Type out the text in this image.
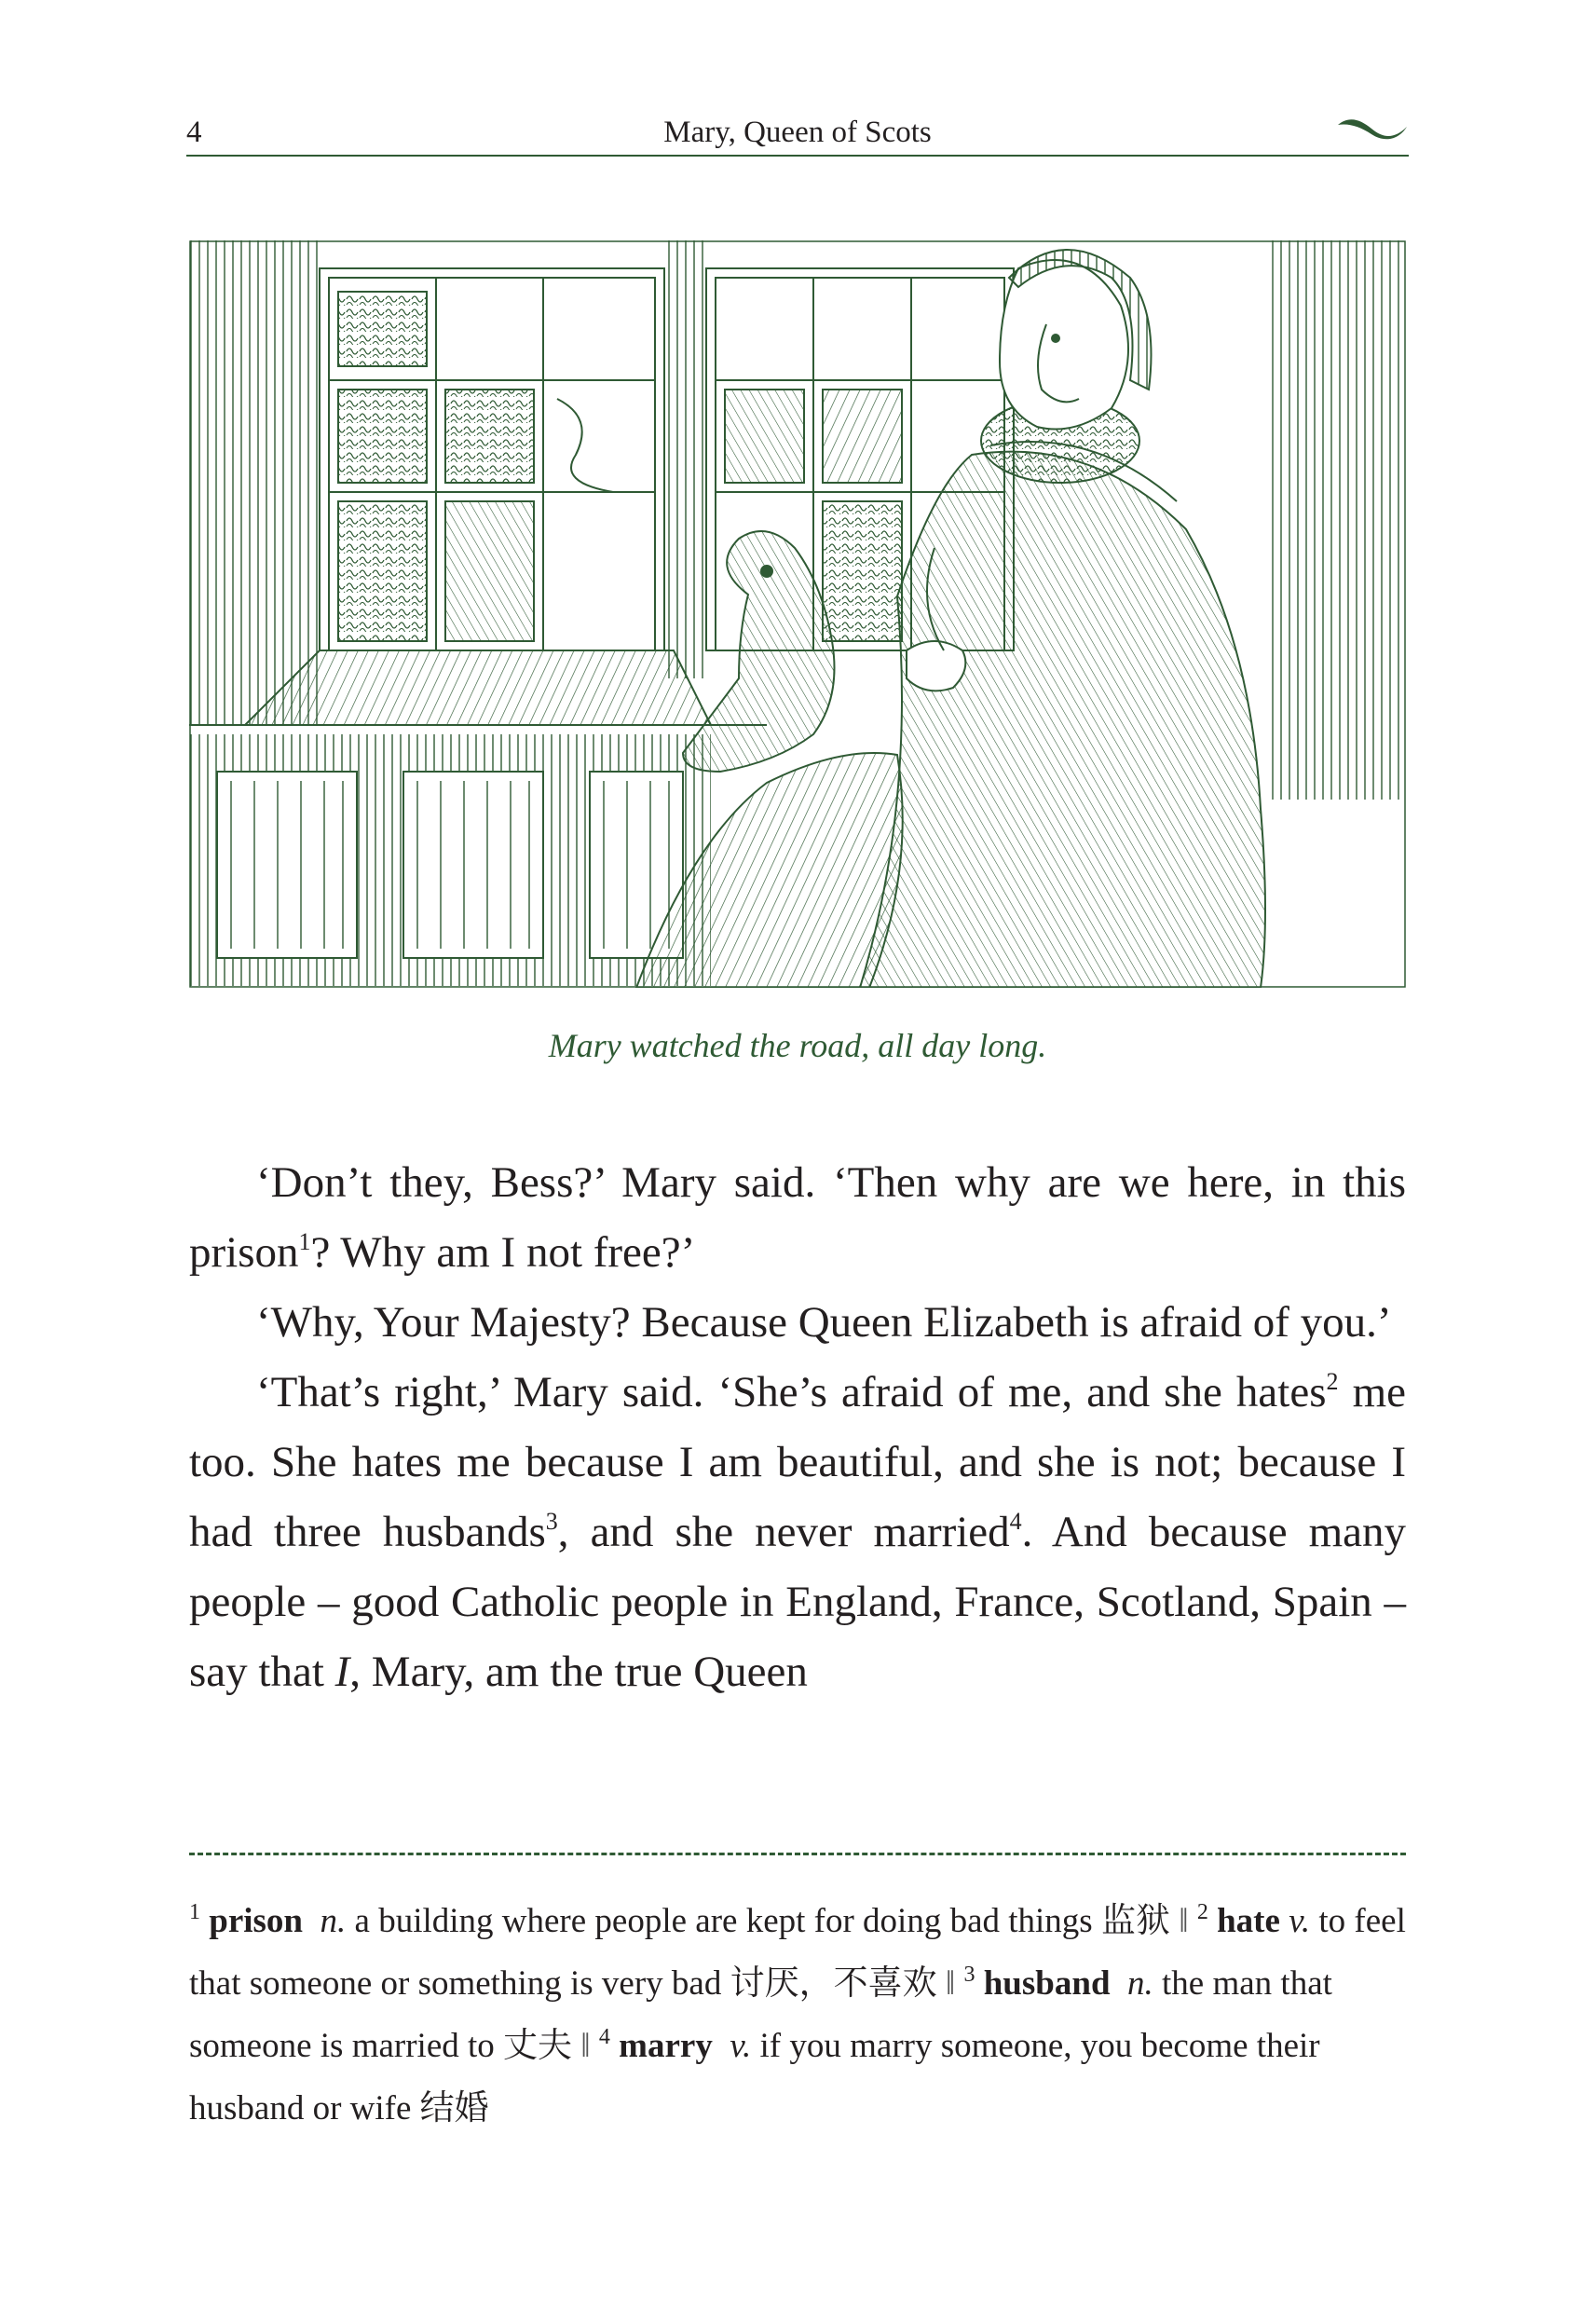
4	Mary, Queen of Scots
Mary watched the road, all day long.

‘Don’t they, Bess?’ Mary said. ‘Then why are we here, in this prison$^1$? Why am I not free?’

‘Why, Your Majesty? Because Queen Elizabeth is afraid of you.’

‘That’s right,’ Mary said. ‘She’s afraid of me, and she hates$^2$ me too. She hates me because I am beautiful, and she is not; because I had three husbands$^3$, and she never married$^4$. And because many people – good Catholic people in England, France, Scotland, Spain – say that I, Mary, am the true Queen

$^1$ prison n. a building where people are kept for doing bad things 监狱 ‖ $^2$ hate v. to feel that someone or something is very bad 讨厌，不喜欢 ‖ $^3$ husband n. the man that someone is married to 丈夫 ‖ $^4$ marry v. if you marry someone, you become their husband or wife 结婚
